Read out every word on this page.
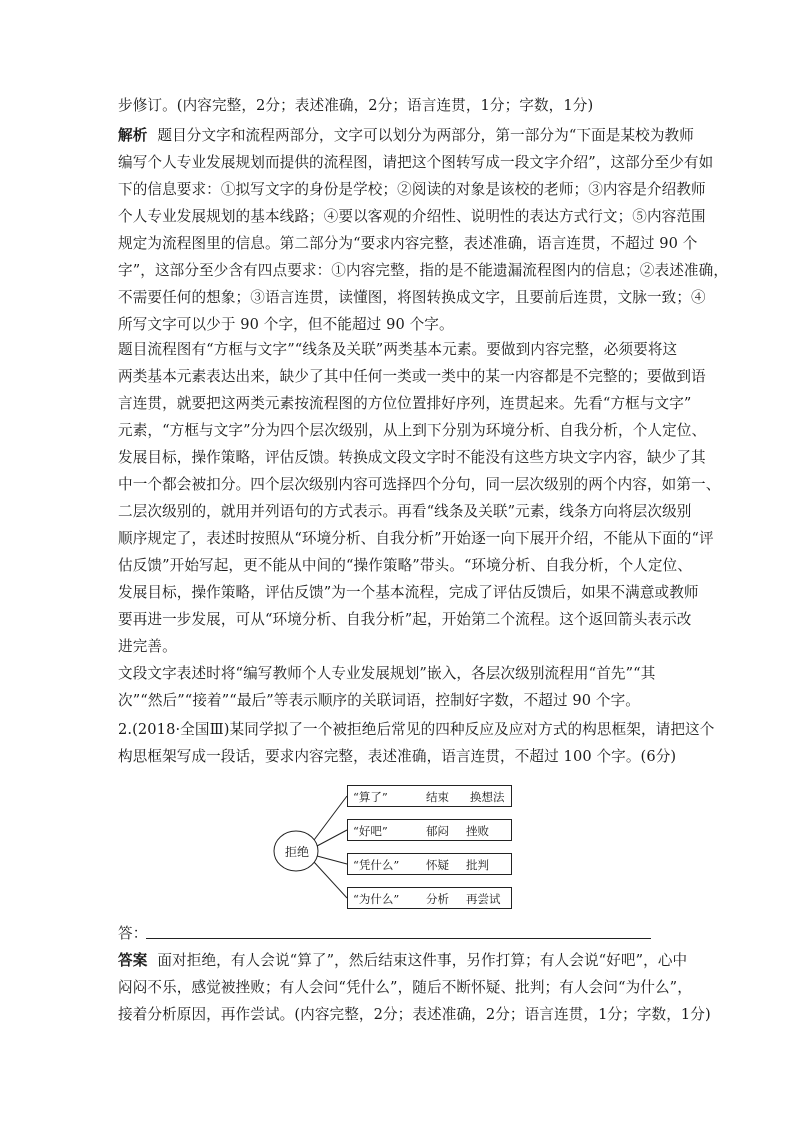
步修订。(内容完整，2分；表述准确，2分；语言连贯，1分；字数，1分)
解析 题目分文字和流程两部分，文字可以划分为两部分，第一部分为“下面是某校为教师
编写个人专业发展规划而提供的流程图，请把这个图转写成一段文字介绍”，这部分至少有如
下的信息要求：①拟写文字的身份是学校；②阅读的对象是该校的老师；③内容是介绍教师
个人专业发展规划的基本线路；④要以客观的介绍性、说明性的表达方式行文；⑤内容范围
规定为流程图里的信息。第二部分为“要求内容完整，表述准确，语言连贯，不超过 90 个
字”，这部分至少含有四点要求：①内容完整，指的是不能遗漏流程图内的信息；②表述准确，
不需要任何的想象；③语言连贯，读懂图，将图转换成文字，且要前后连贯，文脉一致；④
所写文字可以少于 90 个字，但不能超过 90 个字。
题目流程图有“方框与文字”“线条及关联”两类基本元素。要做到内容完整，必须要将这
两类基本元素表达出来，缺少了其中任何一类或一类中的某一内容都是不完整的；要做到语
言连贯，就要把这两类元素按流程图的方位位置排好序列，连贯起来。先看“方框与文字”
元素，“方框与文字”分为四个层次级别，从上到下分别为环境分析、自我分析，个人定位、
发展目标，操作策略，评估反馈。转换成文段文字时不能没有这些方块文字内容，缺少了其
中一个都会被扣分。四个层次级别内容可选择四个分句，同一层次级别的两个内容，如第一、
二层次级别的，就用并列语句的方式表示。再看“线条及关联”元素，线条方向将层次级别
顺序规定了，表述时按照从“环境分析、自我分析”开始逐一向下展开介绍，不能从下面的“评
估反馈”开始写起，更不能从中间的“操作策略”带头。“环境分析、自我分析，个人定位、
发展目标，操作策略，评估反馈”为一个基本流程，完成了评估反馈后，如果不满意或教师
要再进一步发展，可从“环境分析、自我分析”起，开始第二个流程。这个返回箭头表示改
进完善。
文段文字表述时将“编写教师个人专业发展规划”嵌入，各层次级别流程用“首先”“其
次”“然后”“接着”“最后”等表示顺序的关联词语，控制好字数，不超过 90 个字。
2.(2018·全国Ⅲ)某同学拟了一个被拒绝后常见的四种反应及应对方式的构思框架，请把这个
构思框架写成一段话，要求内容完整，表述准确，语言连贯，不超过 100 个字。(6分)
拒绝
“算了”	结束 换想法
“好吧”	郁闷 挫败
“凭什么” 怀疑 批判
“为什么” 分析 再尝试
答：
答案 面对拒绝，有人会说“算了”，然后结束这件事，另作打算；有人会说“好吧”，心中
闷闷不乐，感觉被挫败；有人会问“凭什么”，随后不断怀疑、批判；有人会问“为什么”，
接着分析原因，再作尝试。(内容完整，2分；表述准确，2分；语言连贯，1分；字数，1分)
